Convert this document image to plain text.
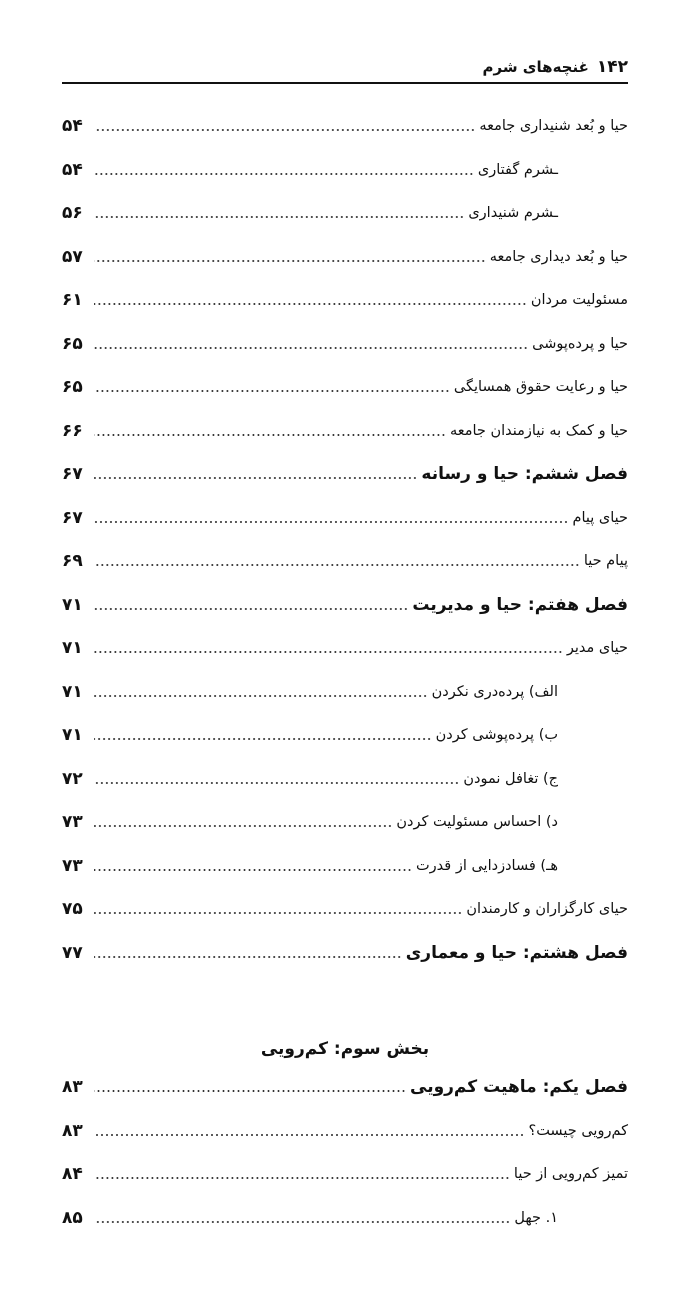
۱۴۲
غنچه‌های شرم
حیا و بُعد شنیداری جامعه
۵۴
ـشرم گفتاری
۵۴
ـشرم شنیداری
۵۶
حیا و بُعد دیداری جامعه
۵۷
مسئولیت مردان
۶۱
حیا و پرده‌پوشی
۶۵
حیا و رعایت حقوق همسایگی
۶۵
حیا و کمک به نیازمندان جامعه
۶۶
فصل ششم: حیا و رسانه
۶۷
حیای پیام
۶۷
پیام حیا
۶۹
فصل هفتم: حیا و مدیریت
۷۱
حیای مدیر
۷۱
الف) پرده‌دری نکردن
۷۱
ب) پرده‌پوشی کردن
۷۱
ج) تغافل نمودن
۷۲
د) احساس مسئولیت کردن
۷۳
هـ) فسادزدایی از قدرت
۷۳
حیای کارگزاران و کارمندان
۷۵
فصل هشتم: حیا و معماری
۷۷
فصل یکم: ماهیت کم‌رویی
۸۳
کم‌رویی چیست؟
۸۳
تمیز کم‌رویی از حیا
۸۴
۱. جهل
۸۵
بخش سوم: کم‌رویی
